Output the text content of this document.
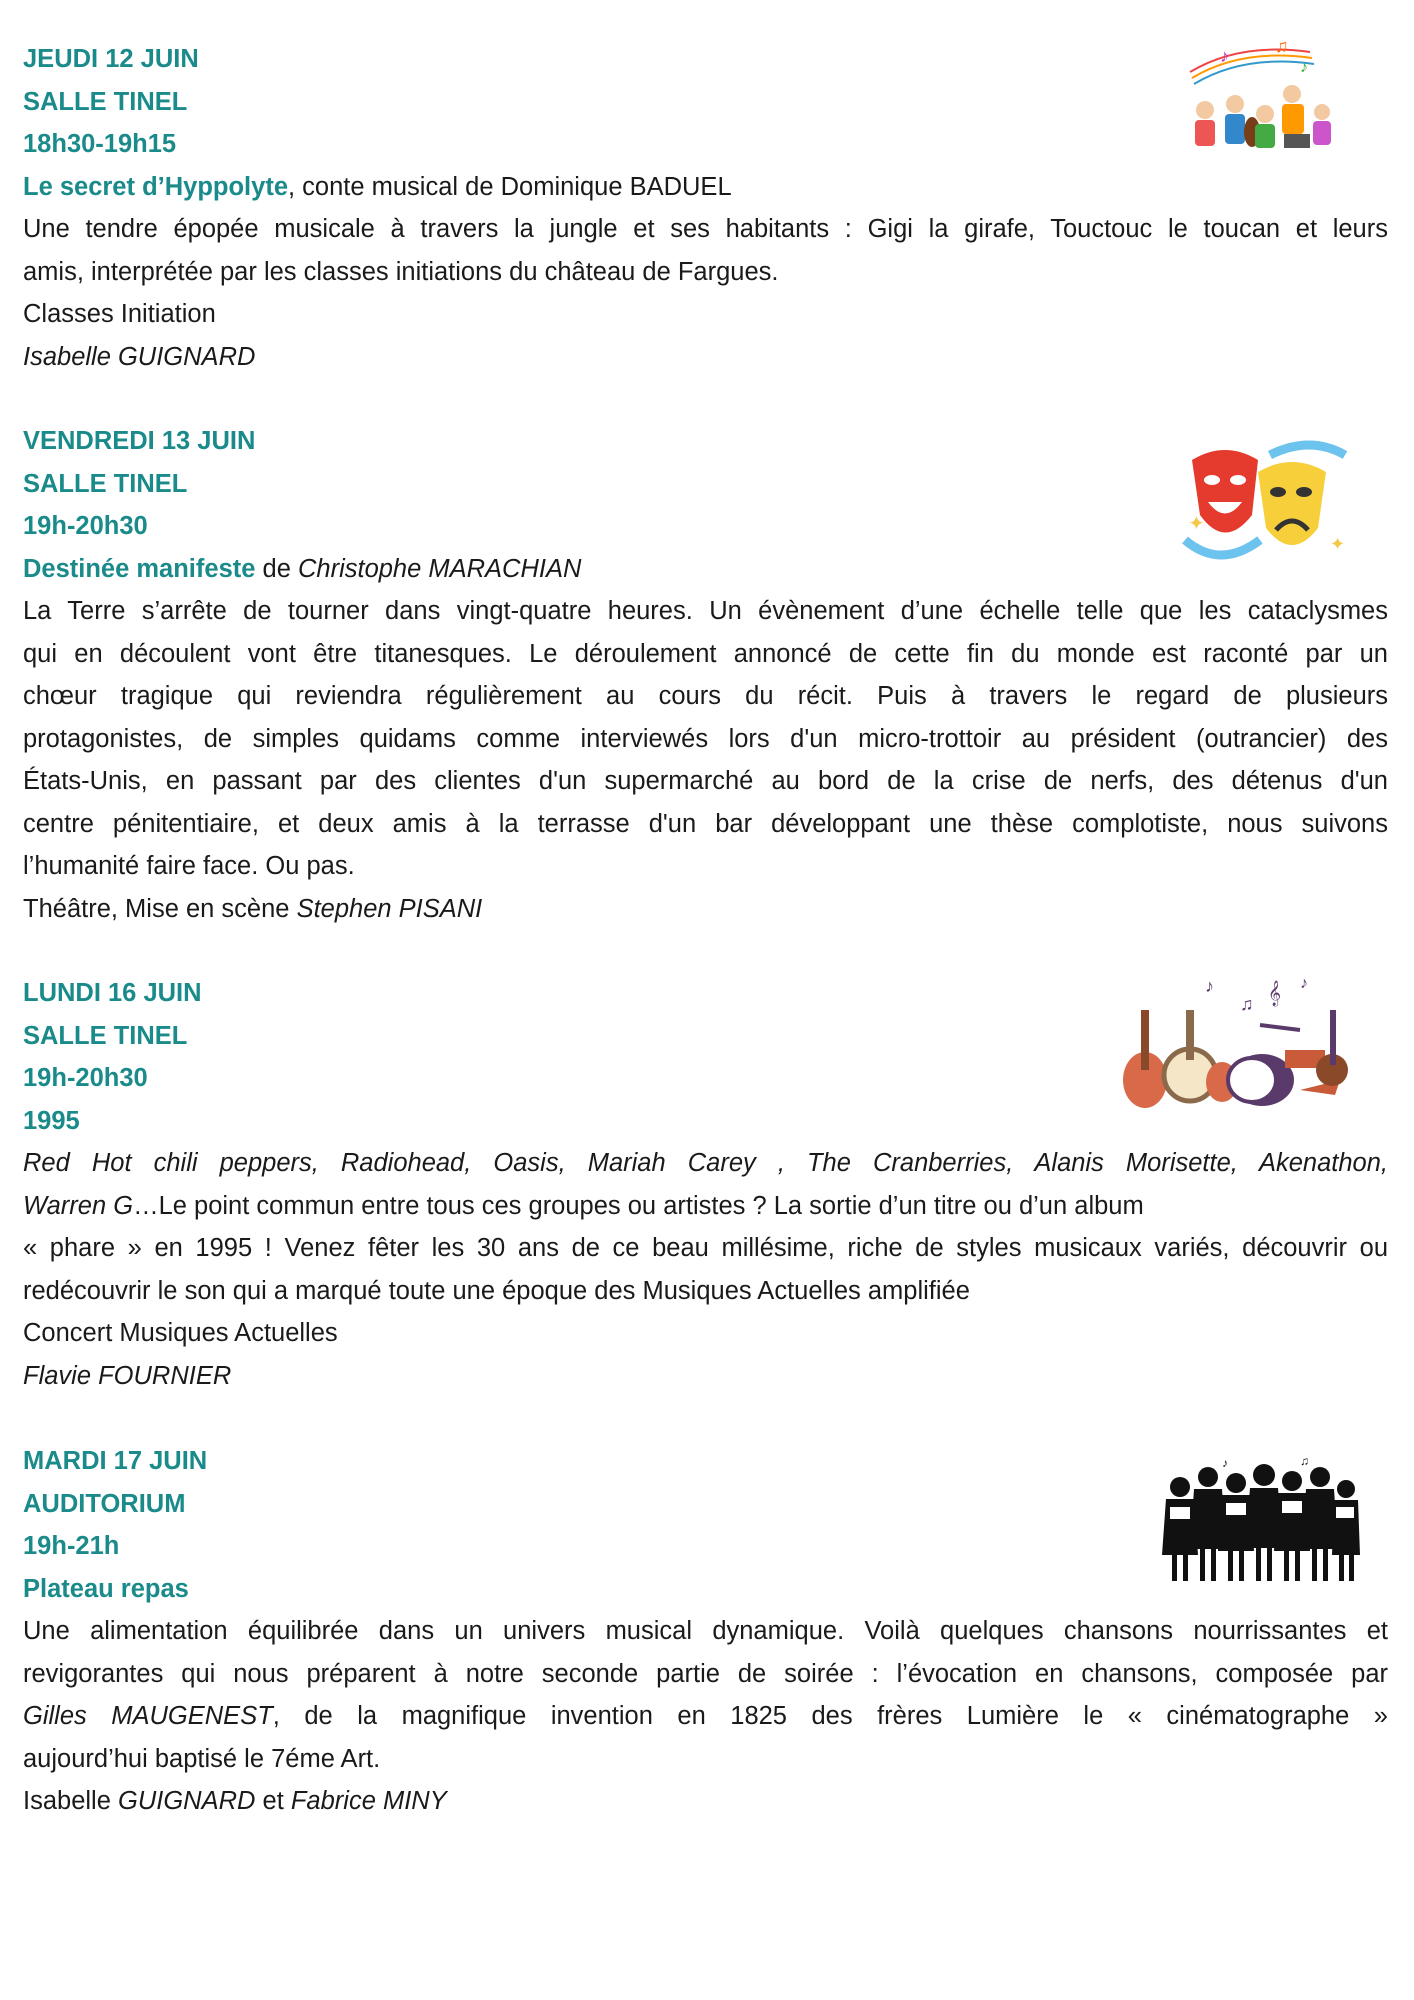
JEUDI 12 JUIN

SALLE TINEL

18h30-19h15

Le secret d’Hyppolyte, conte musical de Dominique BADUEL

Une tendre épopée musicale à travers la jungle et ses habitants : Gigi la girafe, Touctouc le toucan et leurs
amis, interprétée par les classes initiations du château de Fargues.

Classes Initiation

Isabelle GUIGNARD

♪	♫
♪

VENDREDI 13 JUIN

SALLE TINEL

19h-20h30

Destinée manifeste de Christophe MARACHIAN

La Terre s’arrête de tourner dans vingt-quatre heures. Un évènement d’une échelle telle que les cataclysmes
qui en découlent vont être titanesques. Le déroulement annoncé de cette fin du monde est raconté par un
chœur tragique qui reviendra régulièrement au cours du récit. Puis à travers le regard de plusieurs
protagonistes, de simples quidams comme interviewés lors d'un micro-trottoir au président (outrancier) des
États-Unis, en passant par des clientes d'un supermarché au bord de la crise de nerfs, des détenus d'un
centre pénitentiaire, et deux amis à la terrasse d'un bar développant une thèse complotiste, nous suivons
l’humanité faire face. Ou pas.

Théâtre, Mise en scène Stephen PISANI

✦
✦

LUNDI 16 JUIN

SALLE TINEL

19h-20h30

1995

Red Hot chili peppers, Radiohead, Oasis, Mariah Carey , The Cranberries, Alanis Morisette, Akenathon,
Warren G…Le point commun entre tous ces groupes ou artistes ? La sortie d’un titre ou d’un album
« phare » en 1995 ! Venez fêter les 30 ans de ce beau millésime, riche de styles musicaux variés, découvrir ou
redécouvrir le son qui a marqué toute une époque des Musiques Actuelles amplifiée

Concert Musiques Actuelles

Flavie FOURNIER

♪
♫ 𝄞 ♪

MARDI 17 JUIN

AUDITORIUM

19h-21h

Plateau repas

Une alimentation équilibrée dans un univers musical dynamique. Voilà quelques chansons nourrissantes et
revigorantes qui nous préparent à notre seconde partie de soirée : l’évocation en chansons, composée par
Gilles MAUGENEST, de la magnifique invention en 1825 des frères Lumière le « cinématographe »
aujourd’hui baptisé le 7éme Art.

Isabelle GUIGNARD et Fabrice MINY

♪	♫
